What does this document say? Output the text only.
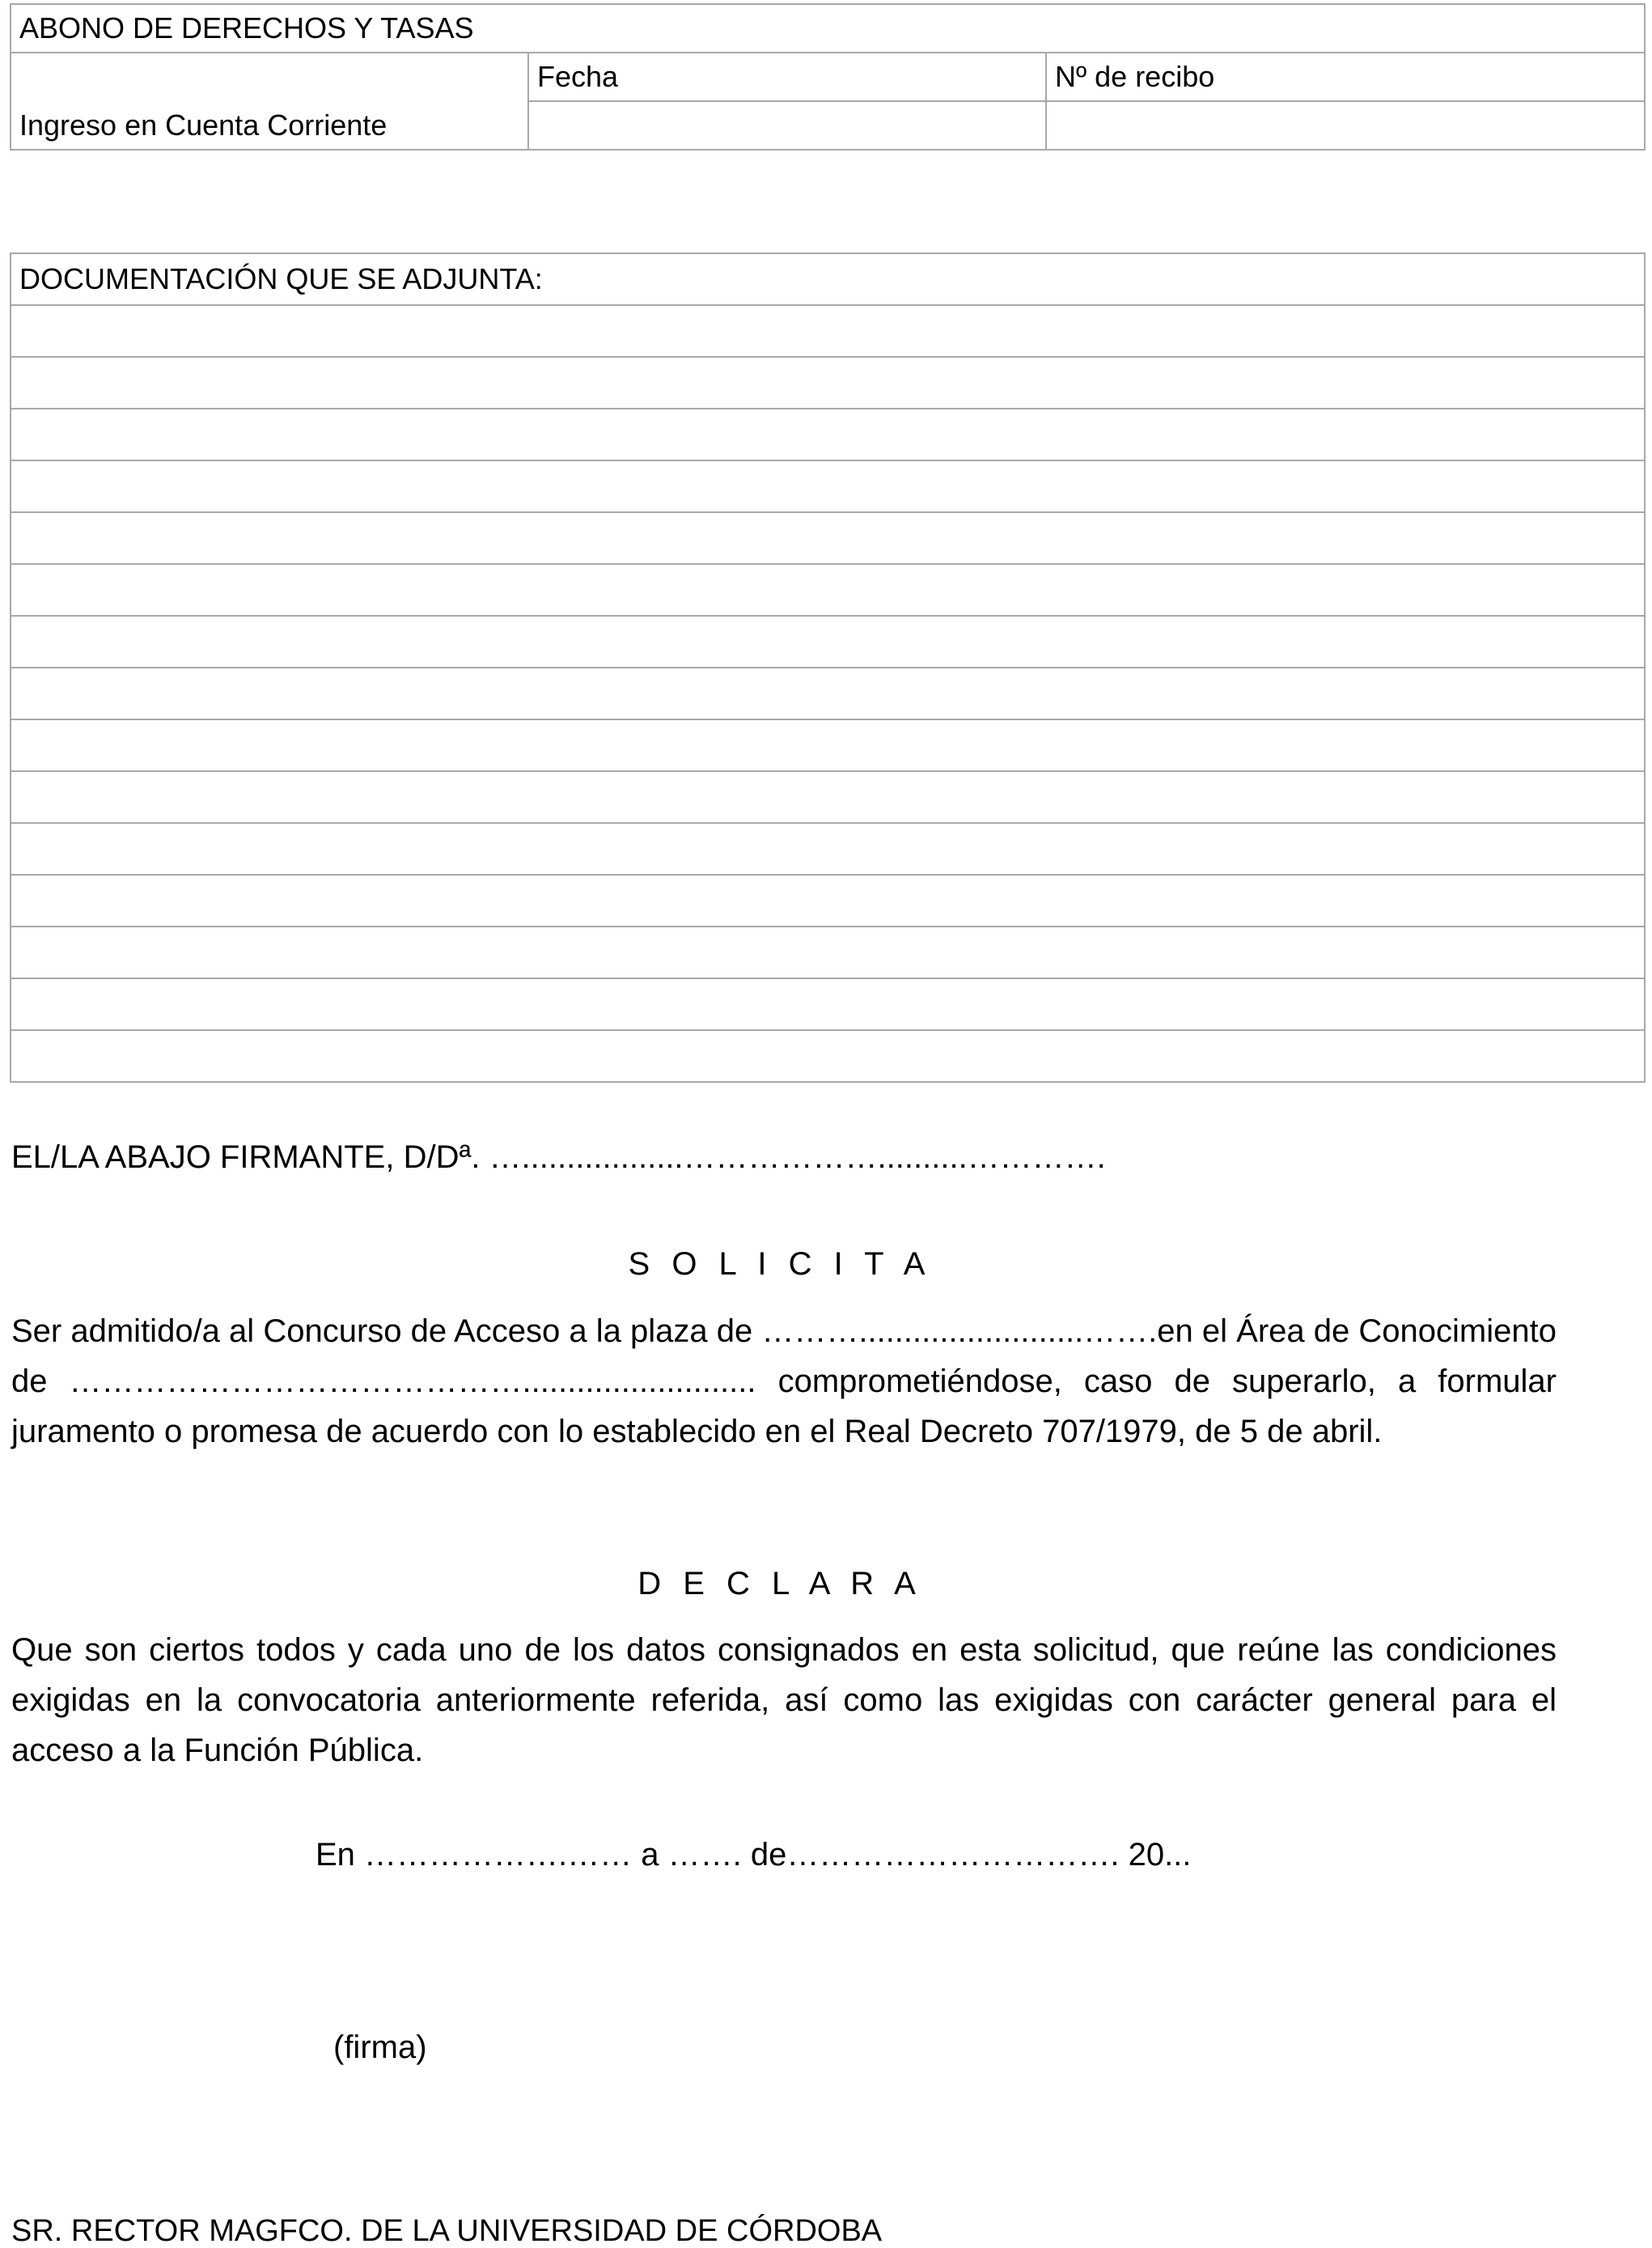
ABONO DE DERECHOS Y TASAS		
Ingreso en Cuenta Corriente	Fecha	Nº de recibo

DOCUMENTACIÓN QUE SE ADJUNTA:

EL/LA ABAJO FIRMANTE, D/Dª. …..................………………..........………….
S O L I C I T A
Ser admitido/a al Concurso de Acceso a la plaza de ……….........................…….en el Área de Conocimiento de …………………………………….......................... comprometiéndose, caso de superarlo, a formular juramento o promesa de acuerdo con lo establecido en el Real Decreto 707/1979, de 5 de abril.
D E C L A R A
Que son ciertos todos y cada uno de los datos consignados en esta solicitud, que reúne las condiciones exigidas en la convocatoria anteriormente referida, así como las exigidas con carácter general para el acceso a la Función Pública.
En ……………….…… a ……. de…………………………. 20...
(firma)
SR. RECTOR MAGFCO. DE LA UNIVERSIDAD DE CÓRDOBA
